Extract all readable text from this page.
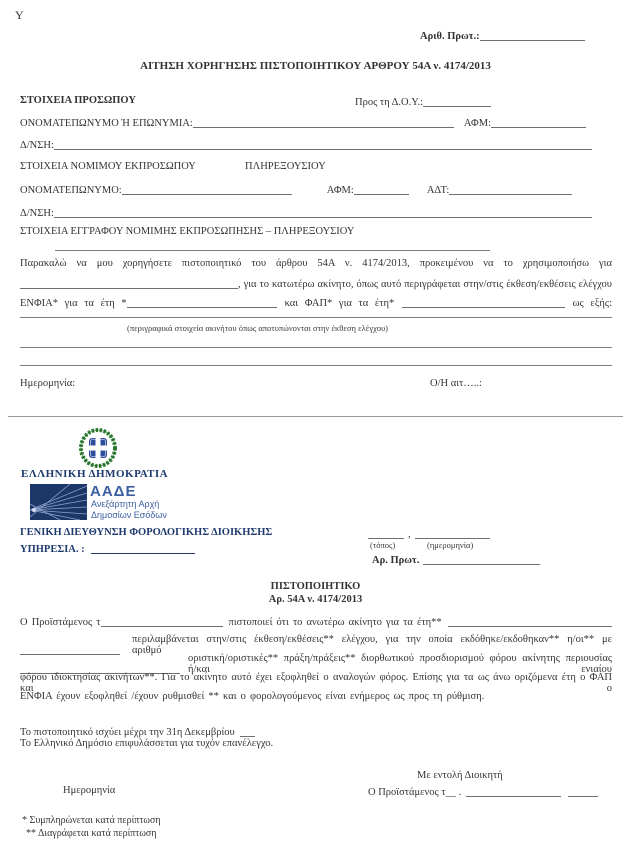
Υ
Αριθ. Πρωτ.:
ΑΙΤΗΣΗ ΧΟΡΗΓΗΣΗΣ ΠΙΣΤΟΠΟΙΗΤΙΚΟΥ ΑΡΘΡΟΥ 54Α ν. 4174/2013
ΣΤΟΙΧΕΙΑ ΠΡΟΣΩΠΟΥ	Προς τη Δ.Ο.Υ.:
ΟΝΟΜΑΤΕΠΩΝΥΜΟ Ή ΕΠΩΝΥΜΙΑ:	ΑΦΜ:
Δ/ΝΣΗ:
ΣΤΟΙΧΕΙΑ ΝΟΜΙΜΟΥ ΕΚΠΡΟΣΩΠΟΥ	ΠΛΗΡΕΞΟΥΣΙΟΥ
ΟΝΟΜΑΤΕΠΩΝΥΜΟ:	ΑΦΜ:	ΑΔΤ:
Δ/ΝΣΗ:
ΣΤΟΙΧΕΙΑ ΕΓΓΡΑΦΟΥ ΝΟΜΙΜΗΣ ΕΚΠΡΟΣΩΠΗΣΗΣ – ΠΛΗΡΕΞΟΥΣΙΟΥ
Παρακαλώ να μου χορηγήσετε πιστοποιητικό του άρθρου 54Α ν. 4174/2013, προκειμένου να το χρησιμοποιήσω για
, για το κατωτέρω ακίνητο, όπως αυτό περιγράφεται στην/στις έκθεση/εκθέσεις ελέγχου
ΕΝΦΙΑ* για τα έτη *	και ΦΑΠ* για τα έτη*	ως εξής:
(περιγραφικά στοιχεία ακινήτου όπως αποτυπώνονται στην έκθεση ελέγχου)
Ημερομηνία:	Ο/Η αιτ…..:
ΕΛΛΗΝΙΚΗ ΔΗΜΟΚΡΑΤΙΑ
ΑΑΔΕ
Ανεξάρτητη Αρχή
Δημοσίων Εσόδων
ΓΕΝΙΚΗ ΔΙΕΥΘΥΝΣΗ ΦΟΡΟΛΟΓΙΚΗΣ ΔΙΟΙΚΗΣΗΣ
ΥΠΗΡΕΣΙΑ. :
,
(τόπος)	(ημερομηνία)
Αρ. Πρωτ.
ΠΙΣΤΟΠΟΙΗΤΙΚΟ
Αρ. 54Α ν. 4174/2013
Ο Προϊστάμενος τ	πιστοποιεί ότι το ανωτέρω ακίνητο για τα έτη**
περιλαμβάνεται στην/στις έκθεση/εκθέσεις** ελέγχου, για την οποία εκδόθηκε/εκδοθηκαν** η/οι** με αριθμό
οριστική/οριστικές** πράξη/πράξεις** διορθωτικού προσδιορισμού φόρου ακίνητης περιουσίας ή/και ενιαίου
φόρου ιδιοκτησίας ακινήτων**. Για το ακίνητο αυτό έχει εξοφληθεί ο αναλογών φόρος. Επίσης για τα ως άνω οριζόμενα έτη ο ΦΑΠ και ο
ΕΝΦΙΑ έχουν εξοφληθεί /έχουν ρυθμισθεί ** και ο φορολογούμενος είναι ενήμερος ως προς τη ρύθμιση.
Το πιστοποιητικό ισχύει μέχρι την 31η Δεκεμβρίου
Το Ελληνικό Δημόσιο επιφυλάσσεται για τυχόν επανέλεγχο.
Με εντολή Διοικητή
Ημερομηνία	Ο Προϊστάμενος τ__ .
* Συμπληρώνεται κατά περίπτωση
** Διαγράφεται κατά περίπτωση
